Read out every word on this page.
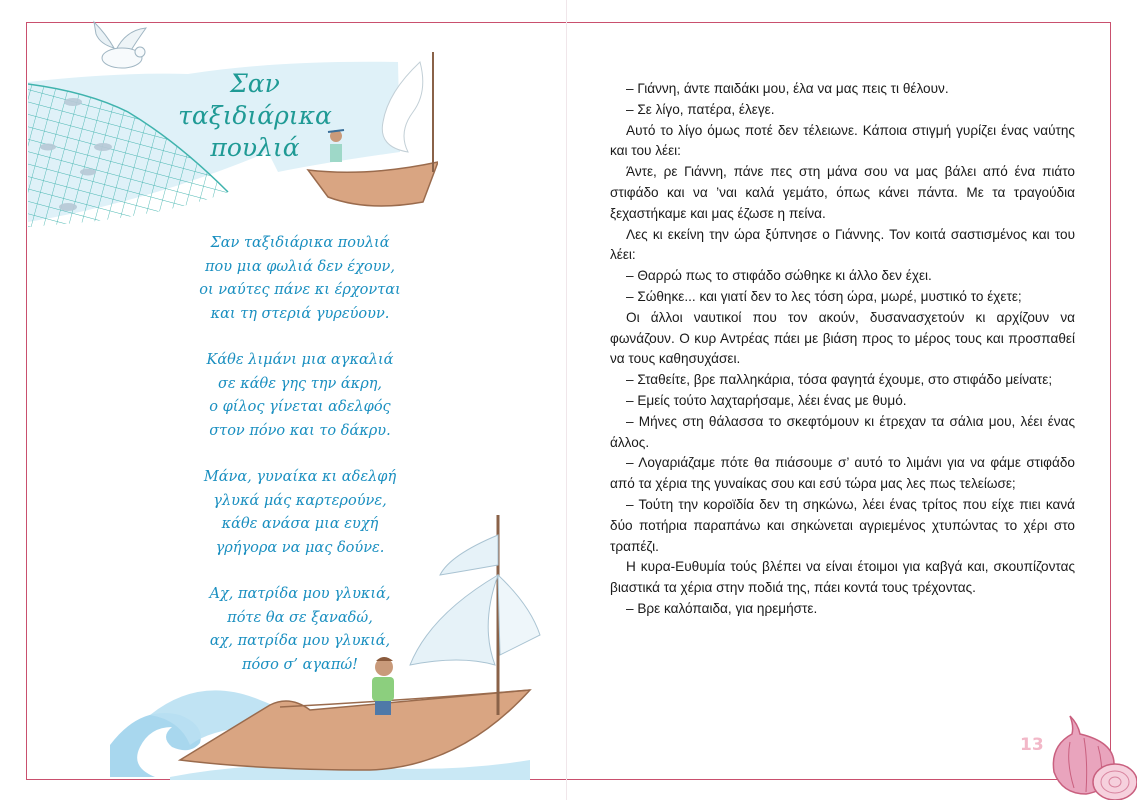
Σαν ταξιδιάρικα
πουλιά
Σαν ταξιδιάρικα πουλιά
που μια φωλιά δεν έχουν,
οι ναύτες πάνε κι έρχονται
και τη στεριά γυρεύουν.
Κάθε λιμάνι μια αγκαλιά
σε κάθε γης την άκρη,
ο φίλος γίνεται αδελφός
στον πόνο και το δάκρυ.
Μάνα, γυναίκα κι αδελφή
γλυκά μάς καρτερούνε,
κάθε ανάσα μια ευχή
γρήγορα να μας δούνε.
Αχ, πατρίδα μου γλυκιά,
πότε θα σε ξαναδώ,
αχ, πατρίδα μου γλυκιά,
πόσο σ’ αγαπώ!

– Γιάννη, άντε παιδάκι μου, έλα να μας πεις τι θέλουν.

– Σε λίγο, πατέρα, έλεγε.

Αυτό το λίγο όμως ποτέ δεν τέλειωνε. Κάποια στιγμή γυρίζει ένας ναύτης και του λέει:

Άντε, ρε Γιάννη, πάνε πες στη μάνα σου να μας βάλει από ένα πιάτο στιφάδο και να ’ναι καλά γεμάτο, όπως κάνει πάντα. Με τα τραγούδια ξεχαστήκαμε και μας έζωσε η πείνα.

Λες κι εκείνη την ώρα ξύπνησε ο Γιάννης. Τον κοιτά σαστισμένος και του λέει:

– Θαρρώ πως το στιφάδο σώθηκε κι άλλο δεν έχει.

– Σώθηκε... και γιατί δεν το λες τόση ώρα, μωρέ, μυστικό το έχετε;

Οι άλλοι ναυτικοί που τον ακούν, δυσανασχετούν κι αρχίζουν να φωνάζουν. Ο κυρ Αντρέας πάει με βιάση προς το μέρος τους και προσπαθεί να τους καθησυχάσει.

– Σταθείτε, βρε παλληκάρια, τόσα φαγητά έχουμε, στο στιφάδο μείνατε;

– Εμείς τούτο λαχταρήσαμε, λέει ένας με θυμό.

– Μήνες στη θάλασσα το σκεφτόμουν κι έτρεχαν τα σάλια μου, λέει ένας άλλος.

– Λογαριάζαμε πότε θα πιάσουμε σ’ αυτό το λιμάνι για να φάμε στιφάδο από τα χέρια της γυναίκας σου και εσύ τώρα μας λες πως τελείωσε;

– Τούτη την κοροϊδία δεν τη σηκώνω, λέει ένας τρίτος που είχε πιει κανά δύο ποτήρια παραπάνω και σηκώνεται αγριεμένος χτυπώντας το χέρι στο τραπέζι.

Η κυρα-Ευθυμία τούς βλέπει να είναι έτοιμοι για καβγά και, σκουπίζοντας βιαστικά τα χέρια στην ποδιά της, πάει κοντά τους τρέχοντας.

– Βρε καλόπαιδα, για ηρεμήστε.

13
